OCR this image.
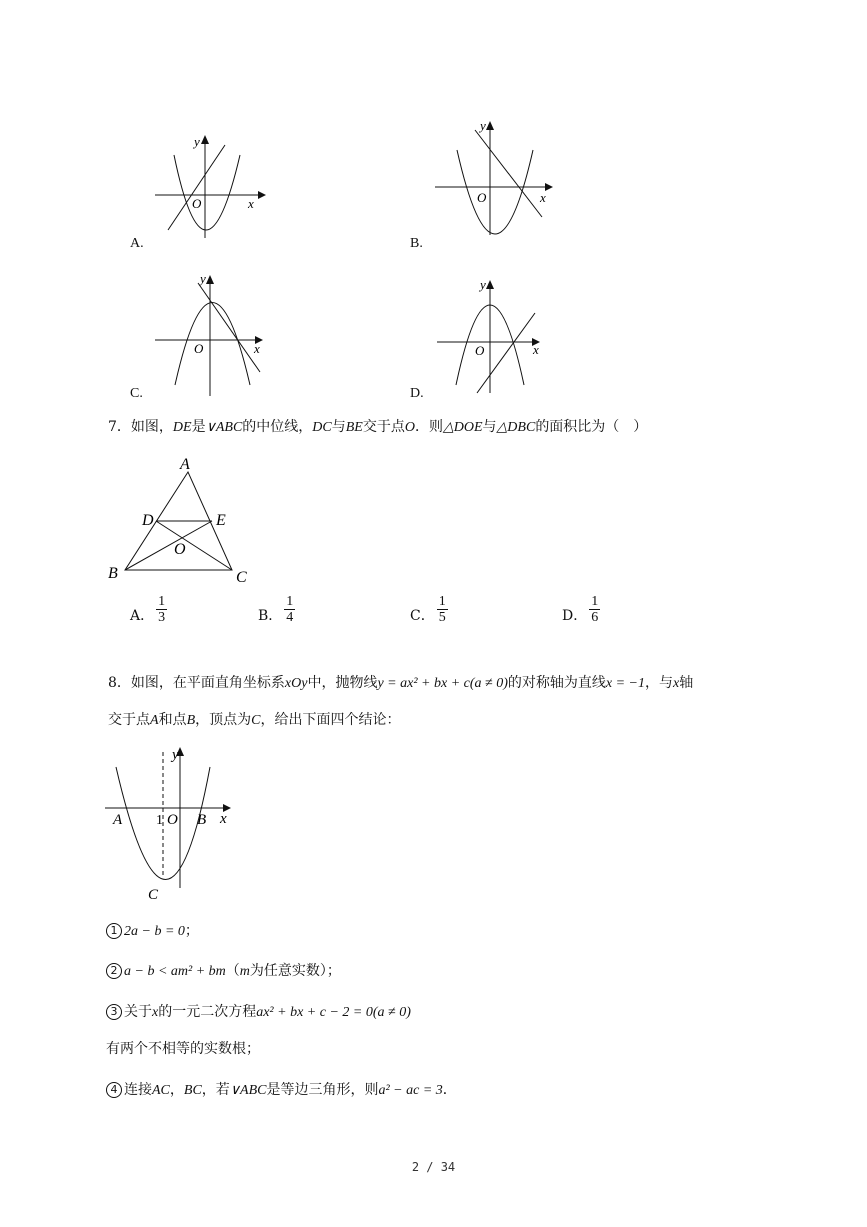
y
x
O
A.
y
x
O
B.
y
x
O
C.
y
x
O
D.
7．如图，DE是∨ABC的中位线，DC与BE交于点O．则△DOE与△DBC的面积比为（　）
A
D	E
O
B	C
A． $\frac{1}{3}$	B． $\frac{1}{4}$	C． $\frac{1}{5}$	D． $\frac{1}{6}$
8．如图，在平面直角坐标系xOy中，抛物线y = ax² + bx + c(a ≠ 0)的对称轴为直线x = −1，与x轴
交于点A和点B，顶点为C，给出下面四个结论：
y
x
A 1 O B
C
1 2a − b = 0；
2 a − b < am² + bm（m为任意实数）；
3 关于x的一元二次方程ax² + bx + c − 2 = 0(a ≠ 0)
有两个不相等的实数根；
4 连接AC，BC，若∨ABC是等边三角形，则a² − ac = 3．
2 / 34
